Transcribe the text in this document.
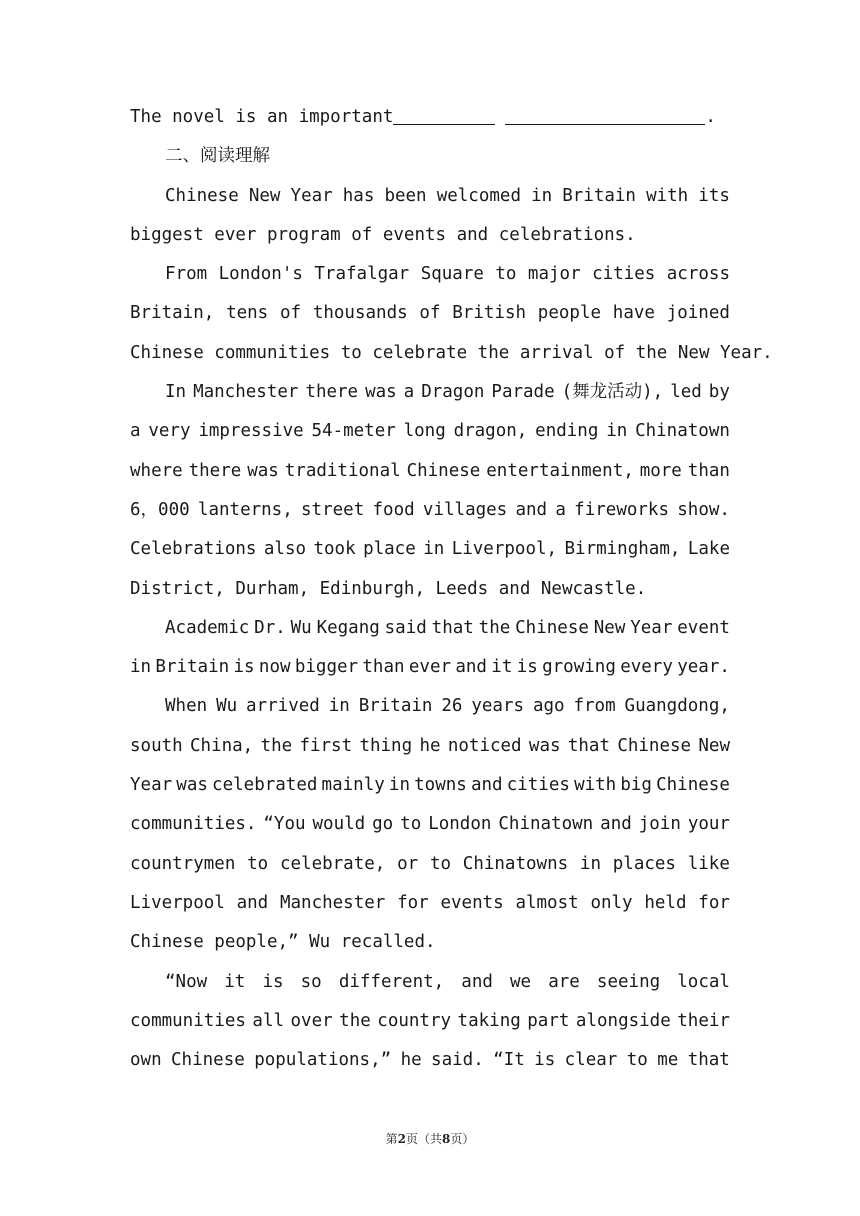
The novel is an important	.
二、阅读理解
Chinese New Year has been welcomed in Britain with its
biggest ever program of events and celebrations.
From London's Trafalgar Square to major cities across
Britain, tens of thousands of British people have joined
Chinese communities to celebrate the arrival of the New Year.
In Manchester there was a Dragon Parade (舞龙活动), led by
a very impressive 54-meter long dragon, ending in Chinatown
where there was traditional Chinese entertainment, more than
6，000 lanterns, street food villages and a fireworks show.
Celebrations also took place in Liverpool, Birmingham, Lake
District, Durham, Edinburgh, Leeds and Newcastle.
Academic Dr. Wu Kegang said that the Chinese New Year event
in Britain is now bigger than ever and it is growing every year.
When Wu arrived in Britain 26 years ago from Guangdong,
south China, the first thing he noticed was that Chinese New
Year was celebrated mainly in towns and cities with big Chinese
communities. “You would go to London Chinatown and join your
countrymen to celebrate, or to Chinatowns in places like
Liverpool and Manchester for events almost only held for
Chinese people,” Wu recalled.
“Now it is so different, and we are seeing local
communities all over the country taking part alongside their
own Chinese populations,” he said. “It is clear to me that
第2页（共8页）
